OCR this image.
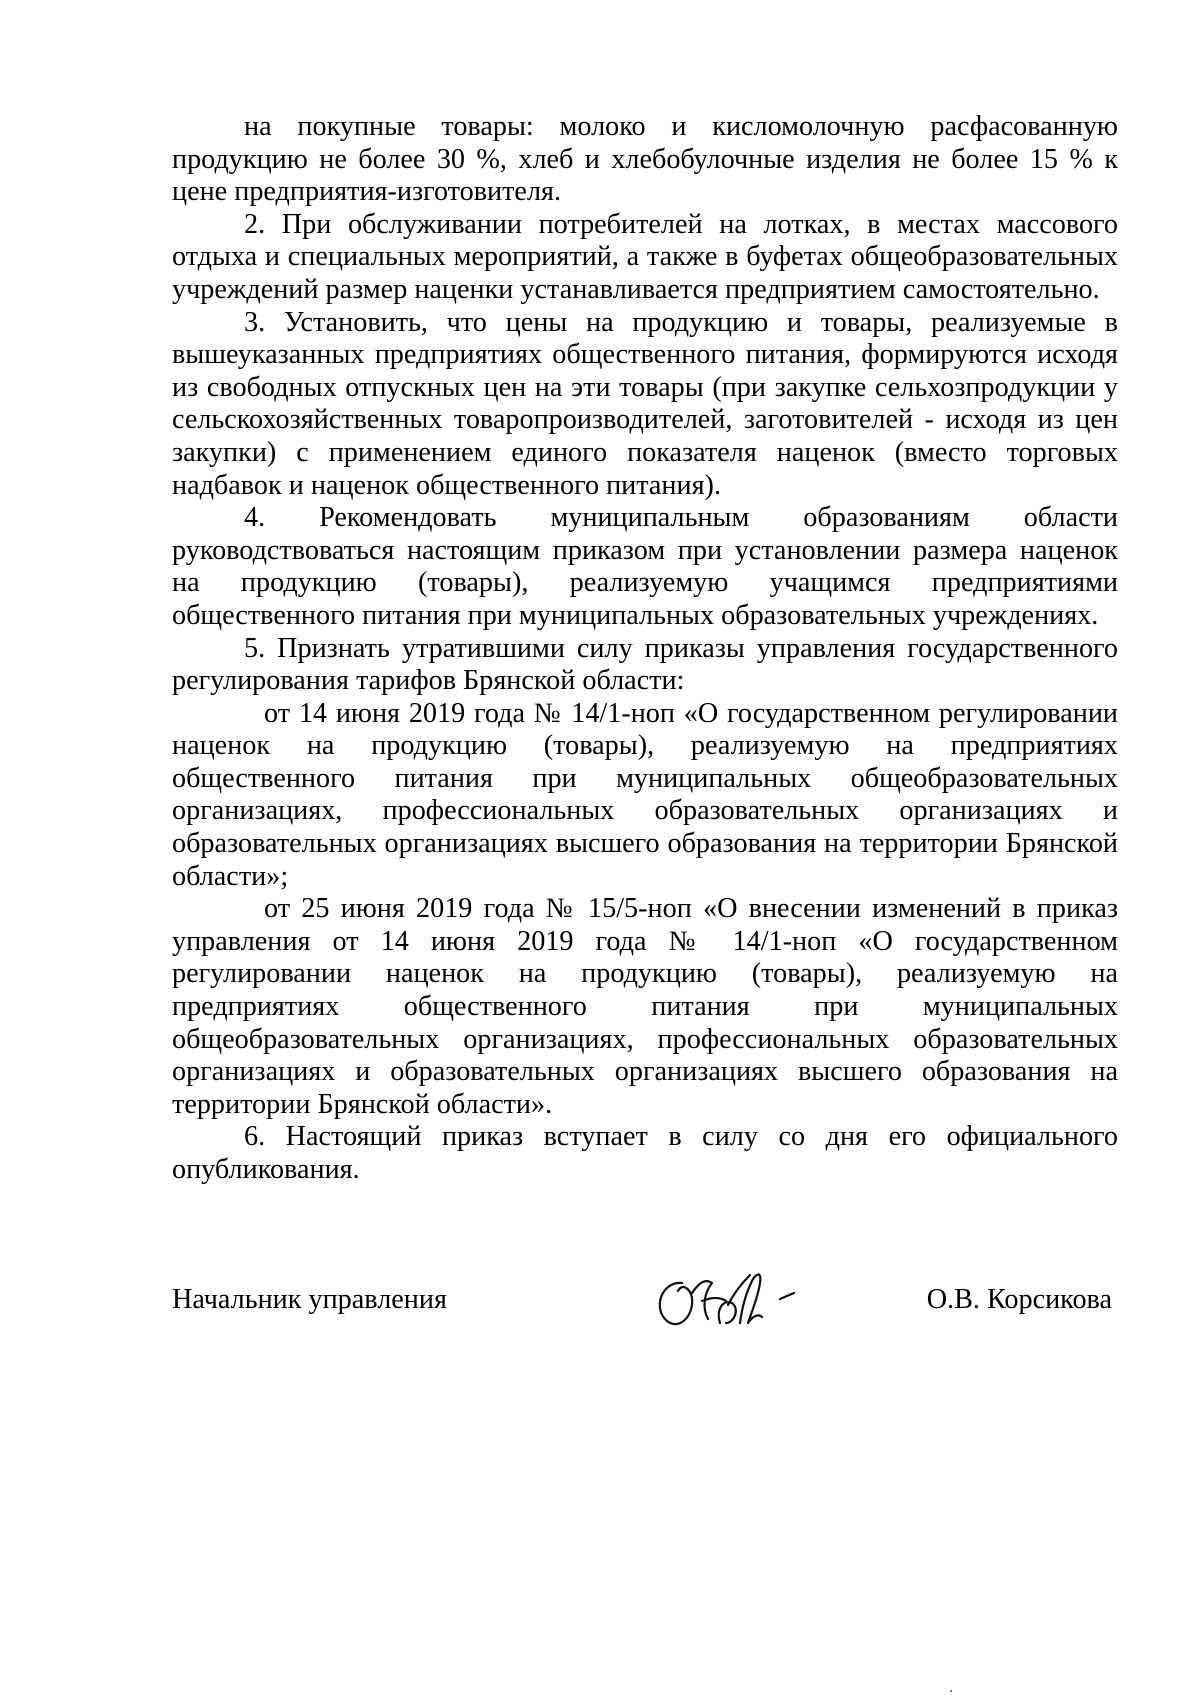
на покупные товары: молоко и кисломолочную расфасованную продукцию не более 30 %, хлеб и хлебобулочные изделия не более 15 % к цене предприятия-изготовителя.

2. При обслуживании потребителей на лотках, в местах массового отдыха и специальных мероприятий, а также в буфетах общеобразовательных учреждений размер наценки устанавливается предприятием самостоятельно.

3. Установить, что цены на продукцию и товары, реализуемые в вышеуказанных предприятиях общественного питания, формируются исходя из свободных отпускных цен на эти товары (при закупке сельхозпродукции у сельскохозяйственных товаропроизводителей, заготовителей - исходя из цен закупки) с применением единого показателя наценок (вместо торговых надбавок и наценок общественного питания).

4. Рекомендовать муниципальным образованиям области руководствоваться настоящим приказом при установлении размера наценок на продукцию (товары), реализуемую учащимся предприятиями общественного питания при муниципальных образовательных учреждениях.

5. Признать утратившими силу приказы управления государственного регулирования тарифов Брянской области:

от 14 июня 2019 года № 14/1-ноп «О государственном регулировании наценок на продукцию (товары), реализуемую на предприятиях общественного питания при муниципальных общеобразовательных организациях, профессиональных образовательных организациях и образовательных организациях высшего образования на территории Брянской области»;

от 25 июня 2019 года № 15/5-ноп «О внесении изменений в приказ управления от 14 июня 2019 года № 14/1-ноп «О государственном регулировании наценок на продукцию (товары), реализуемую на предприятиях общественного питания при муниципальных общеобразовательных организациях, профессиональных образовательных организациях и образовательных организациях высшего образования на территории Брянской области».

6. Настоящий приказ вступает в силу со дня его официального опубликования.

Начальник управления	О.В. Корсикова
